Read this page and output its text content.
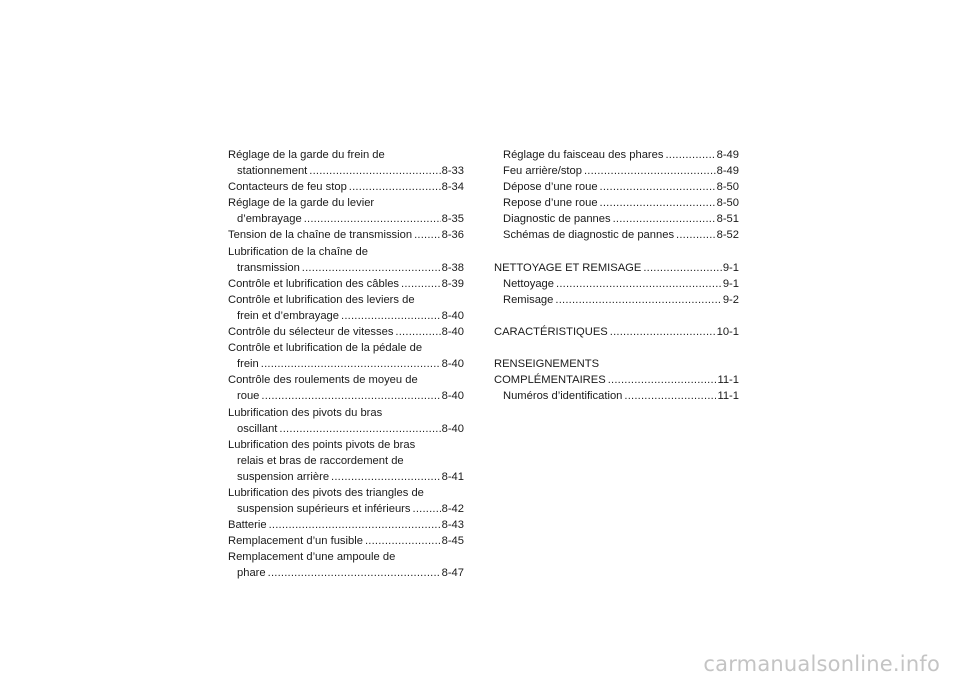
Réglage de la garde du frein de
stationnement . . .	8-33
Contacteurs de feu stop . . .	8-34
Réglage de la garde du levier
d’embrayage . . .	8-35
Tension de la chaîne de transmission . . .	8-36
Lubrification de la chaîne de
transmission . . .	8-38
Contrôle et lubrification des câbles . . .	8-39
Contrôle et lubrification des leviers de
frein et d’embrayage . . .	8-40
Contrôle du sélecteur de vitesses . . .	8-40
Contrôle et lubrification de la pédale de
frein . . .	8-40
Contrôle des roulements de moyeu de
roue . . .	8-40
Lubrification des pivots du bras
oscillant . . .	8-40
Lubrification des points pivots de bras
relais et bras de raccordement de
suspension arrière . . .	8-41
Lubrification des pivots des triangles de
suspension supérieurs et inférieurs . . .	8-42
Batterie . . .	8-43
Remplacement d’un fusible . . .	8-45
Remplacement d’une ampoule de
phare . . .	8-47
Réglage du faisceau des phares . . .	8-49
Feu arrière/stop . . .	8-49
Dépose d’une roue . . .	8-50
Repose d’une roue . . .	8-50
Diagnostic de pannes . . .	8-51
Schémas de diagnostic de pannes . . .	8-52
NETTOYAGE ET REMISAGE . . .	9-1
Nettoyage . . .	9-1
Remisage . . .	9-2
CARACTÉRISTIQUES . . .	10-1
RENSEIGNEMENTS
COMPLÉMENTAIRES . . .	11-1
Numéros d’identification . . .	11-1
carmanualsonline.info
